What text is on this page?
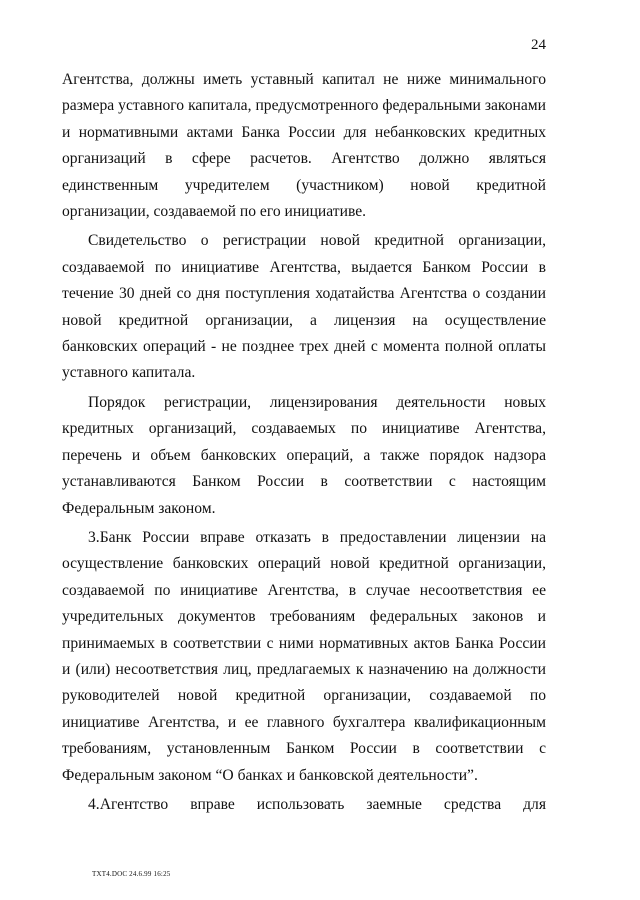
24

Агентства, должны иметь уставный капитал не ниже минимального размера уставного капитала, предусмотренного федеральными законами и нормативными актами Банка России для небанковских кредитных организаций в сфере расчетов. Агентство должно являться единственным учредителем (участником) новой кредитной организации, создаваемой по его инициативе.

Свидетельство о регистрации новой кредитной организации, создаваемой по инициативе Агентства, выдается Банком России в течение 30 дней со дня поступления ходатайства Агентства о создании новой кредитной организации, а лицензия на осуществление банковских операций - не позднее трех дней с момента полной оплаты уставного капитала.

Порядок регистрации, лицензирования деятельности новых кредитных организаций, создаваемых по инициативе Агентства, перечень и объем банковских операций, а также порядок надзора устанавливаются Банком России в соответствии с настоящим Федеральным законом.

3.Банк России вправе отказать в предоставлении лицензии на осуществление банковских операций новой кредитной организации, создаваемой по инициативе Агентства, в случае несоответствия ее учредительных документов требованиям федеральных законов и принимаемых в соответствии с ними нормативных актов Банка России и (или) несоответствия лиц, предлагаемых к назначению на должности руководителей новой кредитной организации, создаваемой по инициативе Агентства, и ее главного бухгалтера квалификационным требованиям, установленным Банком России в соответствии с Федеральным законом “О банках и банковской деятельности”.

4.Агентство вправе использовать заемные средства для

TXT4.DOC 24.6.99 16:25
